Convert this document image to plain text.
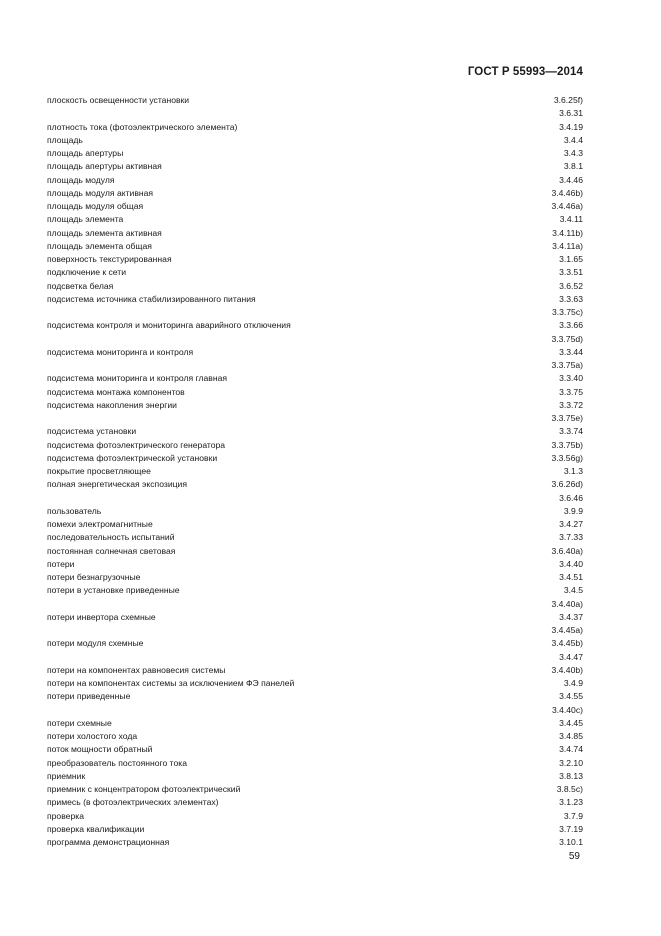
ГОСТ Р 55993—2014
плоскость освещенности установки	3.6.25f)
3.6.31
плотность тока (фотоэлектрического элемента)	3.4.19
площадь	3.4.4
площадь апертуры	3.4.3
площадь апертуры активная	3.8.1
площадь модуля	3.4.46
площадь модуля активная	3.4.46b)
площадь модуля общая	3.4.46a)
площадь элемента	3.4.11
площадь элемента активная	3.4.11b)
площадь элемента общая	3.4.11a)
поверхность текстурированная	3.1.65
подключение к сети	3.3.51
подсветка белая	3.6.52
подсистема источника стабилизированного питания	3.3.63
3.3.75c)
подсистема контроля и мониторинга аварийного отключения	3.3.66
3.3.75d)
подсистема мониторинга и контроля	3.3.44
3.3.75a)
подсистема мониторинга и контроля главная	3.3.40
подсистема монтажа компонентов	3.3.75
подсистема накопления энергии	3.3.72
3.3.75e)
подсистема установки	3.3.74
подсистема фотоэлектрического генератора	3.3.75b)
подсистема фотоэлектрической установки	3.3.56g)
покрытие просветляющее	3.1.3
полная энергетическая экспозиция	3.6.26d)
3.6.46
пользователь	3.9.9
помехи электромагнитные	3.4.27
последовательность испытаний	3.7.33
постоянная солнечная световая	3.6.40a)
потери	3.4.40
потери безнагрузочные	3.4.51
потери в установке приведенные	3.4.5
3.4.40a)
потери инвертора схемные	3.4.37
3.4.45a)
потери модуля схемные	3.4.45b)
3.4.47
потери на компонентах равновесия системы	3.4.40b)
потери на компонентах системы за исключением ФЭ панелей	3.4.9
потери приведенные	3.4.55
3.4.40c)
потери схемные	3.4.45
потери холостого хода	3.4.85
поток мощности обратный	3.4.74
преобразователь постоянного тока	3.2.10
приемник	3.8.13
приемник с концентратором фотоэлектрический	3.8.5c)
примесь (в фотоэлектрических элементах)	3.1.23
проверка	3.7.9
проверка квалификации	3.7.19
программа демонстрационная	3.10.1
59
